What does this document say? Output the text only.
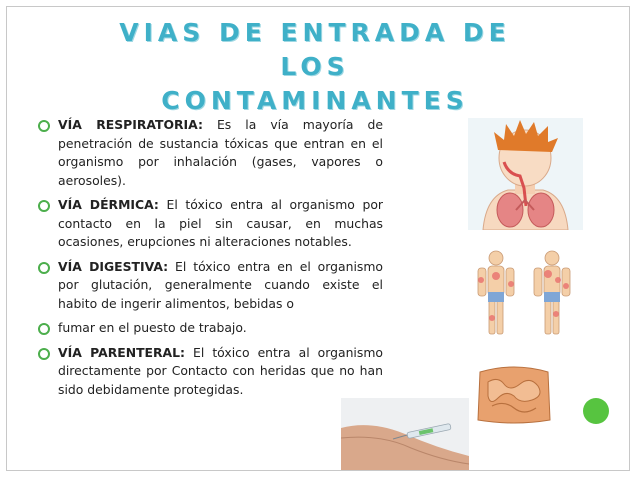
VIAS DE ENTRADA DE LOS
CONTAMINANTES
VÍA RESPIRATORIA: Es la vía mayoría de penetración de sustancia tóxicas que entran en el organismo por inhalación (gases, vapores o aerosoles).
VÍA DÉRMICA: El tóxico entra al organismo por contacto en la piel sin causar, en muchas ocasiones, erupciones ni alteraciones notables.
VÍA DIGESTIVA: El tóxico entra en el organismo por glutación, generalmente cuando existe el habito de ingerir alimentos, bebidas o
fumar en el puesto de trabajo.
VÍA PARENTERAL: El tóxico entra al organismo directamente por Contacto con heridas que no han sido debidamente protegidas.
